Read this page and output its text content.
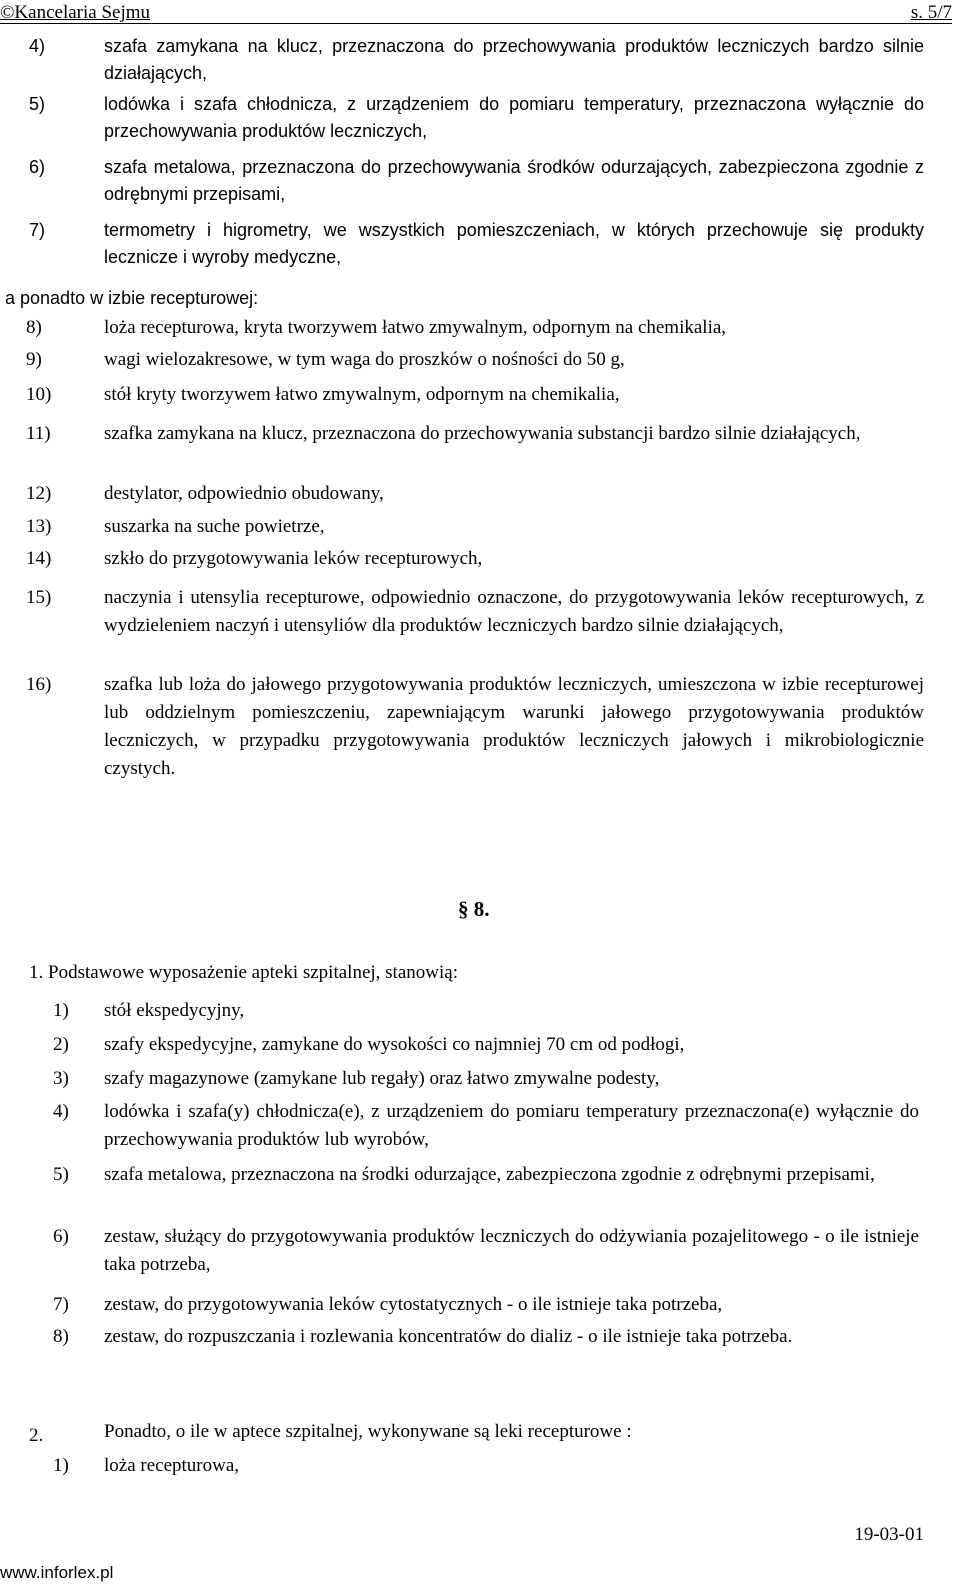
©Kancelaria Sejmu	s. 5/7
4)	szafa zamykana na klucz, przeznaczona do przechowywania produktów leczniczych bardzo silnie działających,
5)	lodówka i szafa chłodnicza, z urządzeniem do pomiaru temperatury, przeznaczona wyłącznie do przechowywania produktów leczniczych,
6)	szafa metalowa, przeznaczona do przechowywania środków odurzających, zabezpieczona zgodnie z odrębnymi przepisami,
7)	termometry i higrometry, we wszystkich pomieszczeniach, w których przechowuje się produkty lecznicze i wyroby medyczne,
a ponadto w izbie recepturowej:
8)	loża recepturowa, kryta tworzywem łatwo zmywalnym, odpornym na chemikalia,
9)	wagi wielozakresowe, w tym waga do proszków o nośności do 50 g,
10)	stół kryty tworzywem łatwo zmywalnym, odpornym na chemikalia,
11)	szafka zamykana na klucz, przeznaczona do przechowywania substancji bardzo silnie działających,
12)	destylator, odpowiednio obudowany,
13)	suszarka na suche powietrze,
14)	szkło do przygotowywania leków recepturowych,
15)	naczynia i utensylia recepturowe, odpowiednio oznaczone, do przygotowywania leków recepturowych, z wydzieleniem naczyń i utensyliów dla produktów leczniczych bardzo silnie działających,
16)	szafka lub loża do jałowego przygotowywania produktów leczniczych, umieszczona w izbie recepturowej lub oddzielnym pomieszczeniu, zapewniającym warunki jałowego przygotowywania produktów leczniczych, w przypadku przygotowywania produktów leczniczych jałowych i mikrobiologicznie czystych.
§ 8.
1. Podstawowe wyposażenie apteki szpitalnej, stanowią:
1) stół ekspedycyjny,
2) szafy ekspedycyjne, zamykane do wysokości co najmniej 70 cm od podłogi,
3) szafy magazynowe (zamykane lub regały) oraz łatwo zmywalne podesty,
4) lodówka i szafa(y) chłodnicza(e), z urządzeniem do pomiaru temperatury przeznaczona(e) wyłącznie do przechowywania produktów lub wyrobów,
5) szafa metalowa, przeznaczona na środki odurzające, zabezpieczona zgodnie z odrębnymi przepisami,
6) zestaw, służący do przygotowywania produktów leczniczych do odżywiania pozajelitowego - o ile istnieje taka potrzeba,
7) zestaw, do przygotowywania leków cytostatycznych - o ile istnieje taka potrzeba,
8) zestaw, do rozpuszczania i rozlewania koncentratów do dializ - o ile istnieje taka potrzeba.
2.	Ponadto, o ile w aptece szpitalnej, wykonywane są leki recepturowe :
1) loża recepturowa,
19-03-01
www.inforlex.pl
